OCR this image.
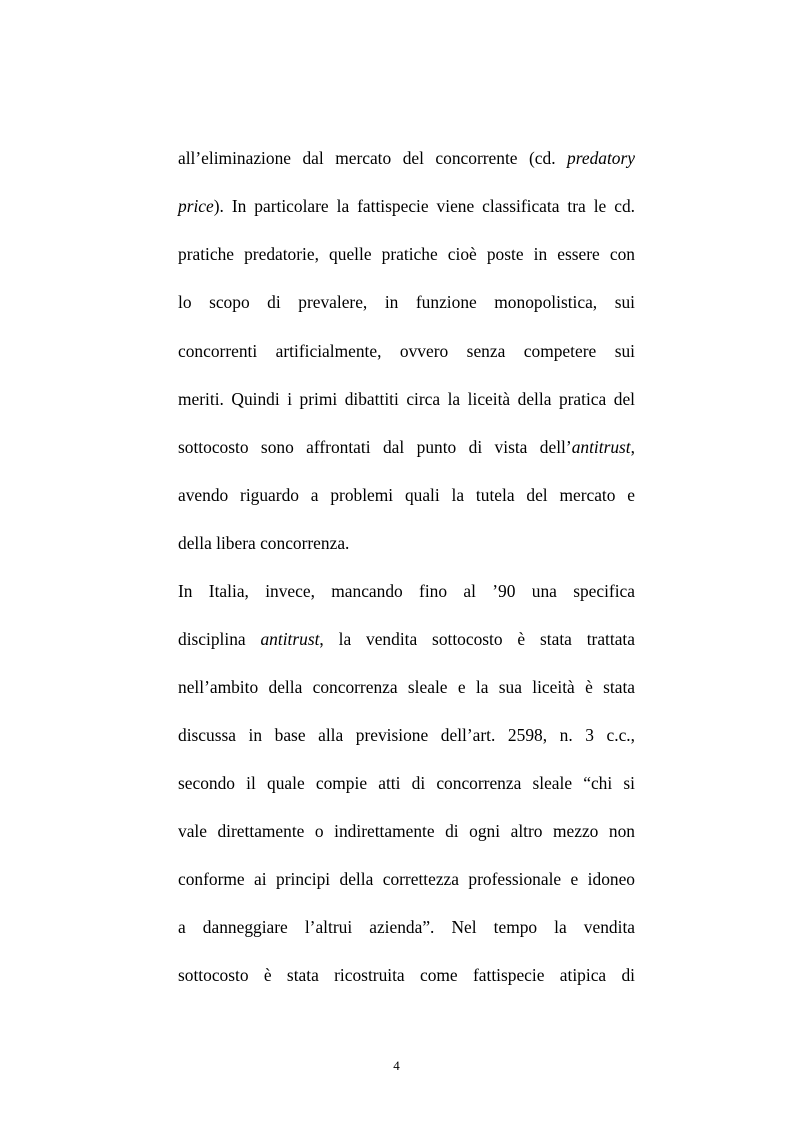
all’eliminazione dal mercato del concorrente (cd. predatory
price). In particolare la fattispecie viene classificata tra le cd.
pratiche predatorie, quelle pratiche cioè poste in essere con
lo scopo di prevalere, in funzione monopolistica, sui
concorrenti artificialmente, ovvero senza competere sui
meriti. Quindi i primi dibattiti circa la liceità della pratica del
sottocosto sono affrontati dal punto di vista dell’antitrust,
avendo riguardo a problemi quali la tutela del mercato e
della libera concorrenza.
In Italia, invece, mancando fino al ’90 una specifica
disciplina antitrust, la vendita sottocosto è stata trattata
nell’ambito della concorrenza sleale e la sua liceità è stata
discussa in base alla previsione dell’art. 2598, n. 3 c.c.,
secondo il quale compie atti di concorrenza sleale “chi si
vale direttamente o indirettamente di ogni altro mezzo non
conforme ai principi della correttezza professionale e idoneo
a danneggiare l’altrui azienda”. Nel tempo la vendita
sottocosto è stata ricostruita come fattispecie atipica di
4
